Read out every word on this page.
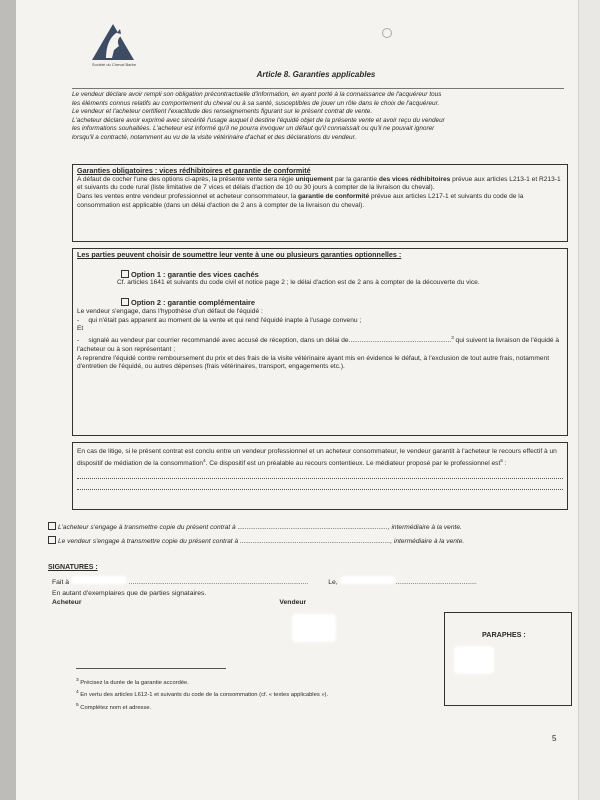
Société du Cheval Barbe
Article 8. Garanties applicables

Le vendeur déclare avoir rempli son obligation précontractuelle d'information, en ayant porté à la connaissance de l'acquéreur tous

les éléments connus relatifs au comportement du cheval ou à sa santé, susceptibles de jouer un rôle dans le choix de l'acquéreur.

Le vendeur et l'acheteur certifient l'exactitude des renseignements figurant sur le présent contrat de vente.

L'acheteur déclare avoir exprimé avec sincérité l'usage auquel il destine l'équidé objet de la présente vente et avoir reçu du vendeur

les informations souhaitées. L'acheteur est informé qu'il ne pourra invoquer un défaut qu'il connaissait ou qu'il ne pouvait ignorer

lorsqu'il a contracté, notamment au vu de la visite vétérinaire d'achat et des déclarations du vendeur.

Garanties obligatoires : vices rédhibitoires et garantie de conformité

A défaut de cocher l'une des options ci-après, la présente vente sera régie uniquement par la garantie des vices rédhibitoires prévue aux articles L213-1 et R213-1 et suivants du code rural (liste limitative de 7 vices et délais d'action de 10 ou 30 jours à compter de la livraison du cheval).

Dans les ventes entre vendeur professionnel et acheteur consommateur, la garantie de conformité prévue aux articles L217-1 et suivants du code de la consommation est applicable (dans un délai d'action de 2 ans à compter de la livraison du cheval).

Les parties peuvent choisir de soumettre leur vente à une ou plusieurs garanties optionnelles :

Option 1 : garantie des vices cachés

Cf. articles 1641 et suivants du code civil et notice page 2 ; le délai d'action est de 2 ans à compter de la découverte du vice.

Option 2 : garantie complémentaire

Le vendeur s'engage, dans l'hypothèse d'un défaut de l'équidé :

-     qui n'était pas apparent au moment de la vente et qui rend l'équidé inapte à l'usage convenu ;

Et

-     signalé au vendeur par courrier recommandé avec accusé de réception, dans un délai de........................................................$^3$ qui suivent la livraison de l'équidé à l'acheteur ou à son représentant ;

A reprendre l'équidé contre remboursement du prix et des frais de la visite vétérinaire ayant mis en évidence le défaut, à l'exclusion de tout autre frais, notamment d'entretien de l'équidé, ou autres dépenses (frais vétérinaires, transport, engagements etc.).

En cas de litige, si le présent contrat est conclu entre un vendeur professionnel et un acheteur consommateur, le vendeur garantit à l'acheteur le recours effectif à un dispositif de médiation de la consommation$^4$. Ce dispositif est un préalable au recours contentieux. Le médiateur proposé par le professionnel est$^5$ :

L'acheteur s'engage à transmettre copie du présent contrat à .................................................................................., intermédiaire à la vente.
Le vendeur s'engage à transmettre copie du présent contrat à .................................................................................., intermédiaire à la vente.
SIGNATURES :
Fait à	...............................................................................................	Le,	...........................................
En autant d'exemplaires que de parties signataires.
Acheteur	Vendeur
PARAPHES :

$^3$ Précisez la durée de la garantie accordée.

$^4$ En vertu des articles L612-1 et suivants du code de la consommation (cf. « textes applicables »).

$^5$ Complétez nom et adresse.

5
